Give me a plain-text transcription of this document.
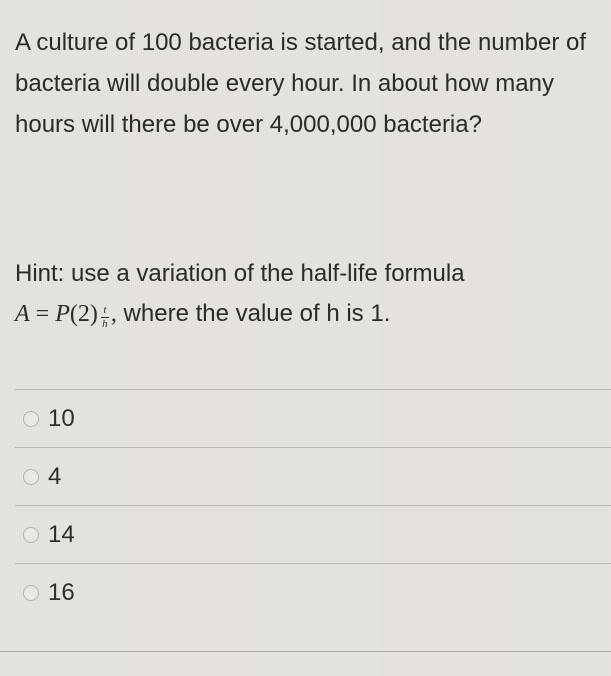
A culture of 100 bacteria is started, and the number of bacteria will double every hour. In about how many hours will there be over 4,000,000 bacteria?

Hint: use a variation of the half-life formula
$A = P(2) \frac{t}{h}$ , where the value of h is 1.
10
4
14
16
